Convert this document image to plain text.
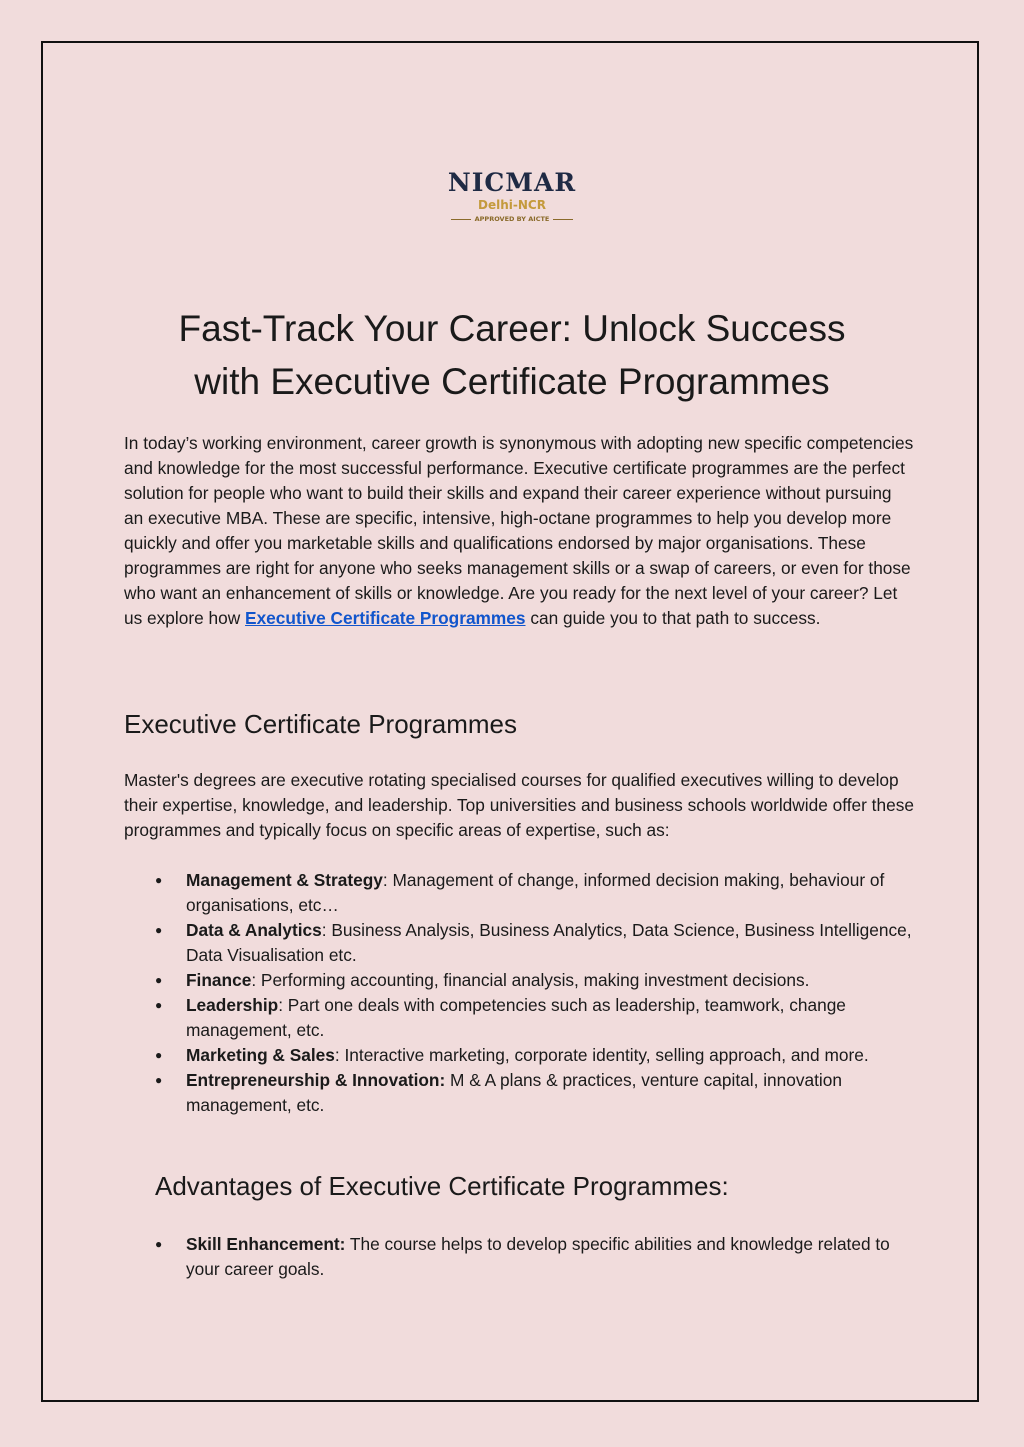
NICMAR
Delhi-NCR
APPROVED BY AICTE
Fast-Track Your Career: Unlock Success
with Executive Certificate Programmes

In today’s working environment, career growth is synonymous with adopting new specific competencies and knowledge for the most successful performance. Executive certificate programmes are the perfect solution for people who want to build their skills and expand their career experience without pursuing an executive MBA. These are specific, intensive, high-octane programmes to help you develop more quickly and offer you marketable skills and qualifications endorsed by major organisations. These programmes are right for anyone who seeks management skills or a swap of careers, or even for those who want an enhancement of skills or knowledge. Are you ready for the next level of your career? Let us explore how Executive Certificate Programmes can guide you to that path to success.

Executive Certificate Programmes

Master's degrees are executive rotating specialised courses for qualified executives willing to develop their expertise, knowledge, and leadership. Top universities and business schools worldwide offer these programmes and typically focus on specific areas of expertise, such as:

● Management & Strategy: Management of change, informed decision making, behaviour of organisations, etc…
● Data & Analytics: Business Analysis, Business Analytics, Data Science, Business Intelligence, Data Visualisation etc.
● Finance: Performing accounting, financial analysis, making investment decisions.
● Leadership: Part one deals with competencies such as leadership, teamwork, change management, etc.
● Marketing & Sales: Interactive marketing, corporate identity, selling approach, and more.
● Entrepreneurship & Innovation: M & A plans & practices, venture capital, innovation management, etc.
Advantages of Executive Certificate Programmes:
● Skill Enhancement: The course helps to develop specific abilities and knowledge related to your career goals.
